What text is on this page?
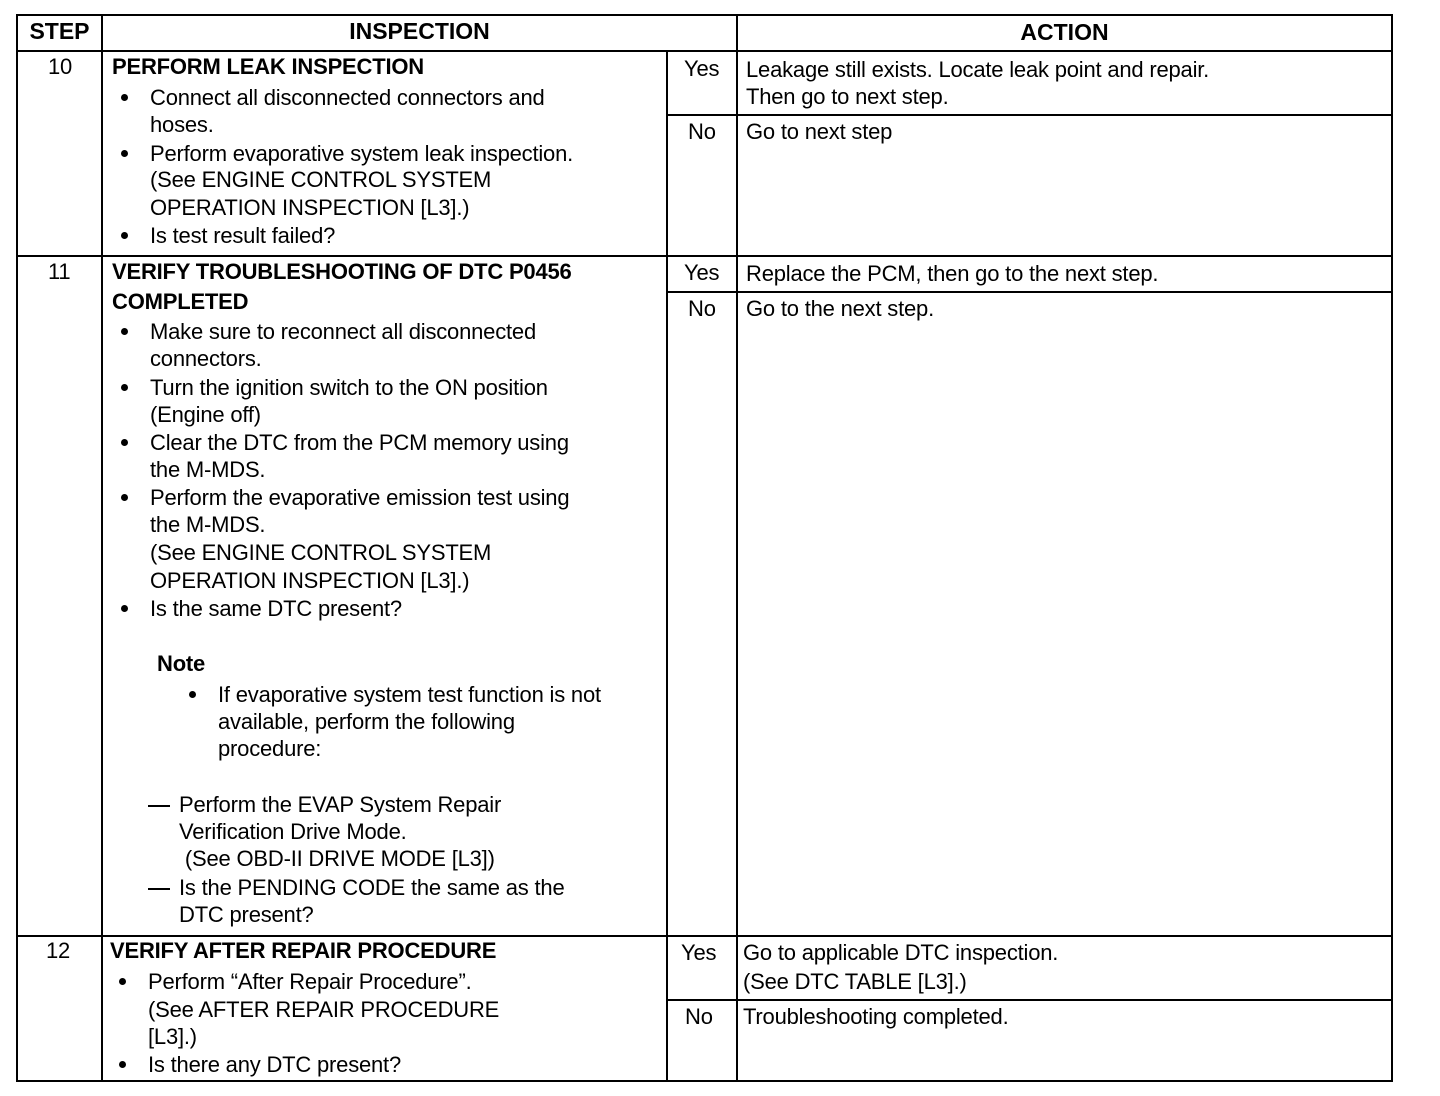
STEP	INSPECTION	ACTION
10 PERFORM LEAK INSPECTION
Connect all disconnected connectors and
hoses.
Perform evaporative system leak inspection.
(See ENGINE CONTROL SYSTEM
OPERATION INSPECTION [L3].)
Is test result failed?
Yes Leakage still exists. Locate leak point and repair.
Then go to next step.
No Go to next step
11 VERIFY TROUBLESHOOTING OF DTC P0456
COMPLETED
Make sure to reconnect all disconnected
connectors.
Turn the ignition switch to the ON position
(Engine off)
Clear the DTC from the PCM memory using
the M-MDS.
Perform the evaporative emission test using
the M-MDS.
(See ENGINE CONTROL SYSTEM
OPERATION INSPECTION [L3].)
Is the same DTC present?
Note
If evaporative system test function is not
available, perform the following
procedure:
Perform the EVAP System Repair
Verification Drive Mode.
(See OBD-II DRIVE MODE [L3])
Is the PENDING CODE the same as the
DTC present?
Yes Replace the PCM, then go to the next step.
No Go to the next step.
12 VERIFY AFTER REPAIR PROCEDURE
Perform “After Repair Procedure”.
(See AFTER REPAIR PROCEDURE
[L3].)
Is there any DTC present?
Yes Go to applicable DTC inspection.
(See DTC TABLE [L3].)
No Troubleshooting completed.
